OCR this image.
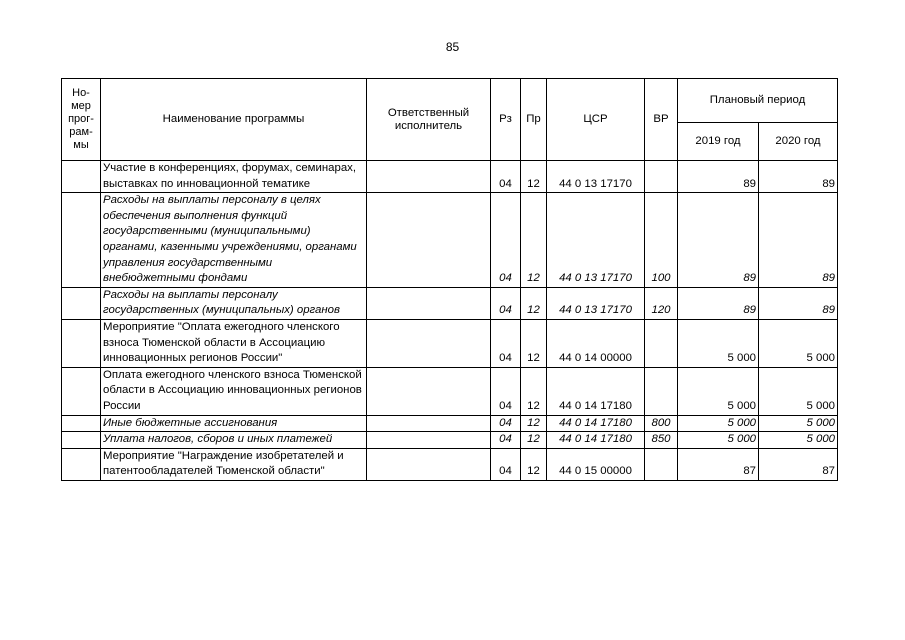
85
Но-
мер
прог-
рам-
мы	Наименование программы	Ответственный исполнитель	Рз	Пр	ЦСР	ВР	Плановый период	
							2019 год	2020 год
	Участие в конференциях, форумах, семинарах, выставках по инновационной тематике		04	12	44 0 13 17170		89	89
	Расходы на выплаты персоналу в целях обеспечения выполнения функций государственными (муниципальными) органами, казенными учреждениями, органами управления государственными внебюджетными фондами		04	12	44 0 13 17170	100	89	89
	Расходы на выплаты персоналу государственных (муниципальных) органов		04	12	44 0 13 17170	120	89	89
	Мероприятие "Оплата ежегодного членского взноса Тюменской области в Ассоциацию инновационных регионов России"		04	12	44 0 14 00000		5 000	5 000
	Оплата ежегодного членского взноса Тюменской области в Ассоциацию инновационных регионов России		04	12	44 0 14 17180		5 000	5 000
	Иные бюджетные ассигнования		04	12	44 0 14 17180	800	5 000	5 000
	Уплата налогов, сборов и иных платежей		04	12	44 0 14 17180	850	5 000	5 000
	Мероприятие "Награждение изобретателей и патентообладателей Тюменской области"		04	12	44 0 15 00000		87	87
